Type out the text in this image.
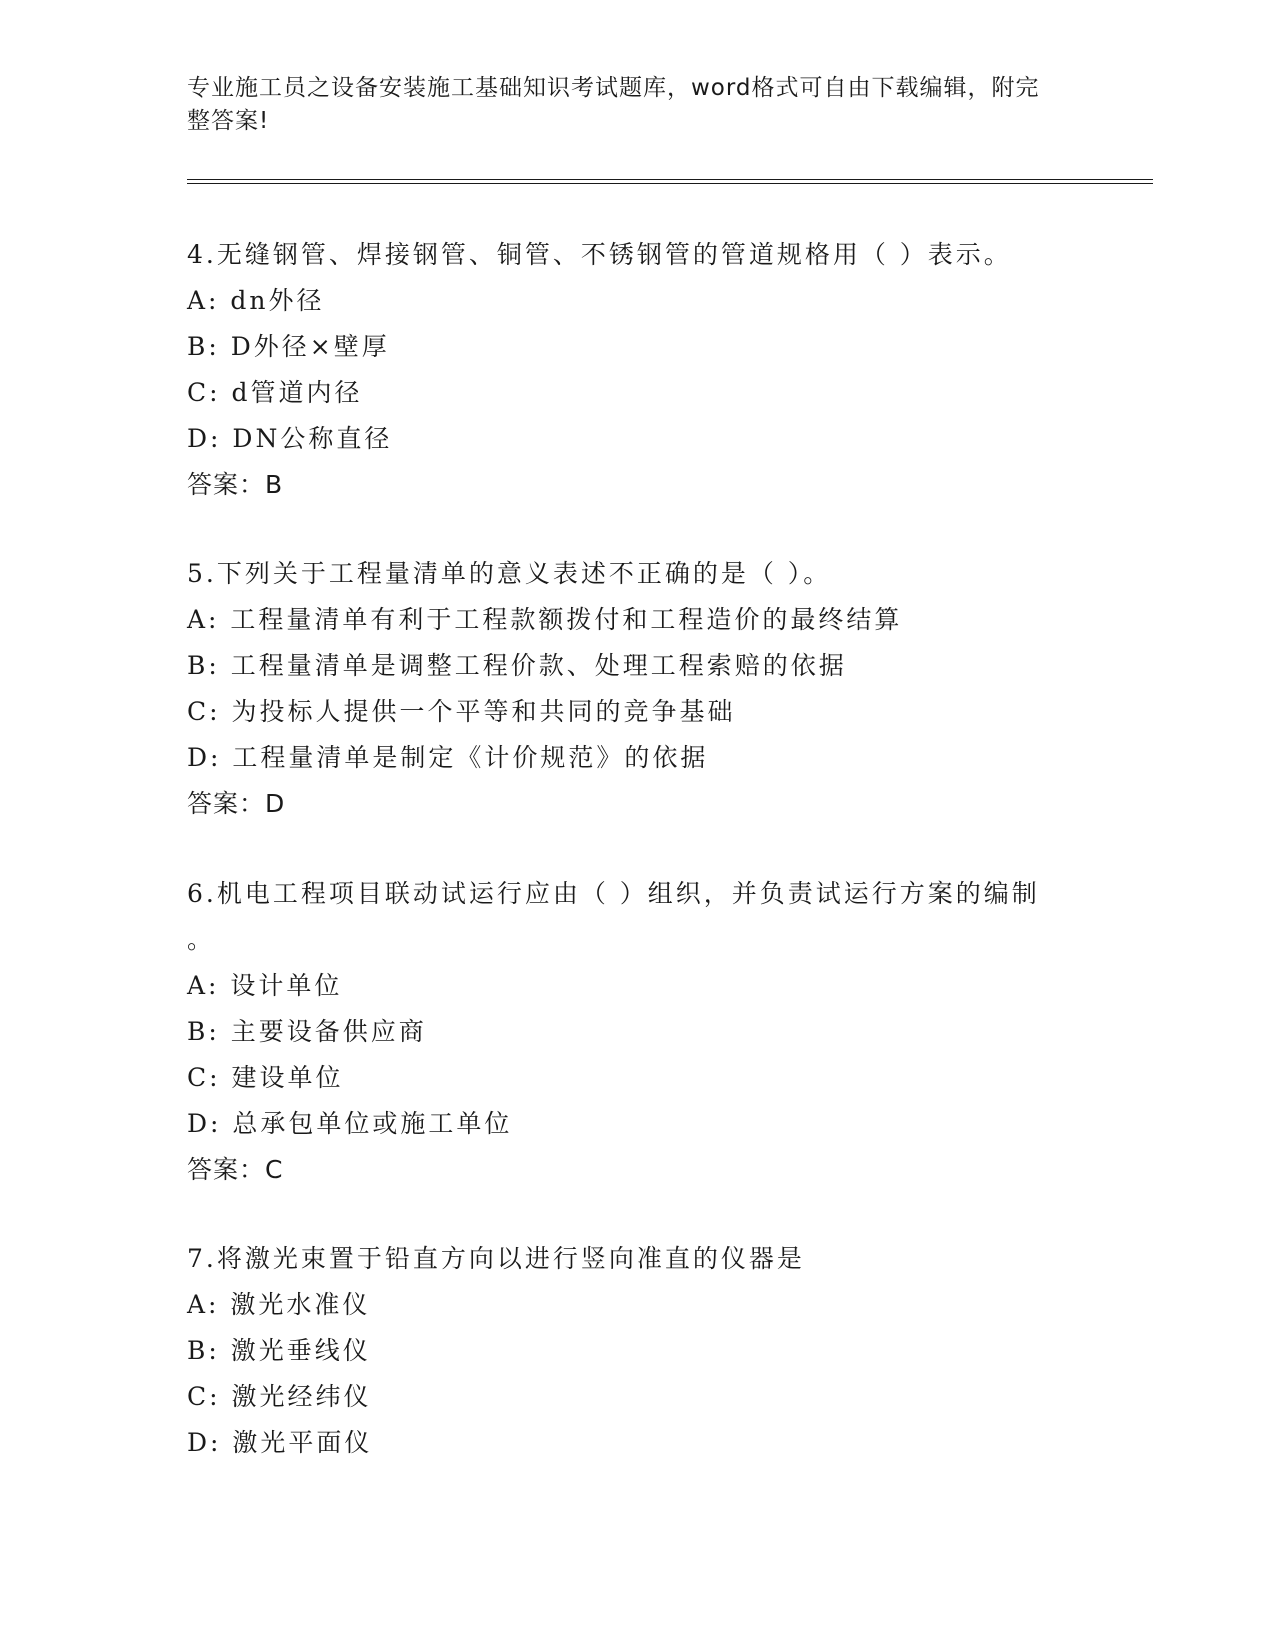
专业施工员之设备安装施工基础知识考试题库，word格式可自由下载编辑，附完
整答案!
4.无缝钢管、焊接钢管、铜管、不锈钢管的管道规格用（ ）表示。
A: dn外径
B: D外径×壁厚
C: d管道内径
D: DN公称直径
答案：B
5.下列关于工程量清单的意义表述不正确的是（ ）。
A: 工程量清单有利于工程款额拨付和工程造价的最终结算
B: 工程量清单是调整工程价款、处理工程索赔的依据
C: 为投标人提供一个平等和共同的竞争基础
D: 工程量清单是制定《计价规范》的依据
答案：D
6.机电工程项目联动试运行应由（ ）组织，并负责试运行方案的编制
。
A: 设计单位
B: 主要设备供应商
C: 建设单位
D: 总承包单位或施工单位
答案：C
7.将激光束置于铅直方向以进行竖向准直的仪器是
A: 激光水准仪
B: 激光垂线仪
C: 激光经纬仪
D: 激光平面仪
